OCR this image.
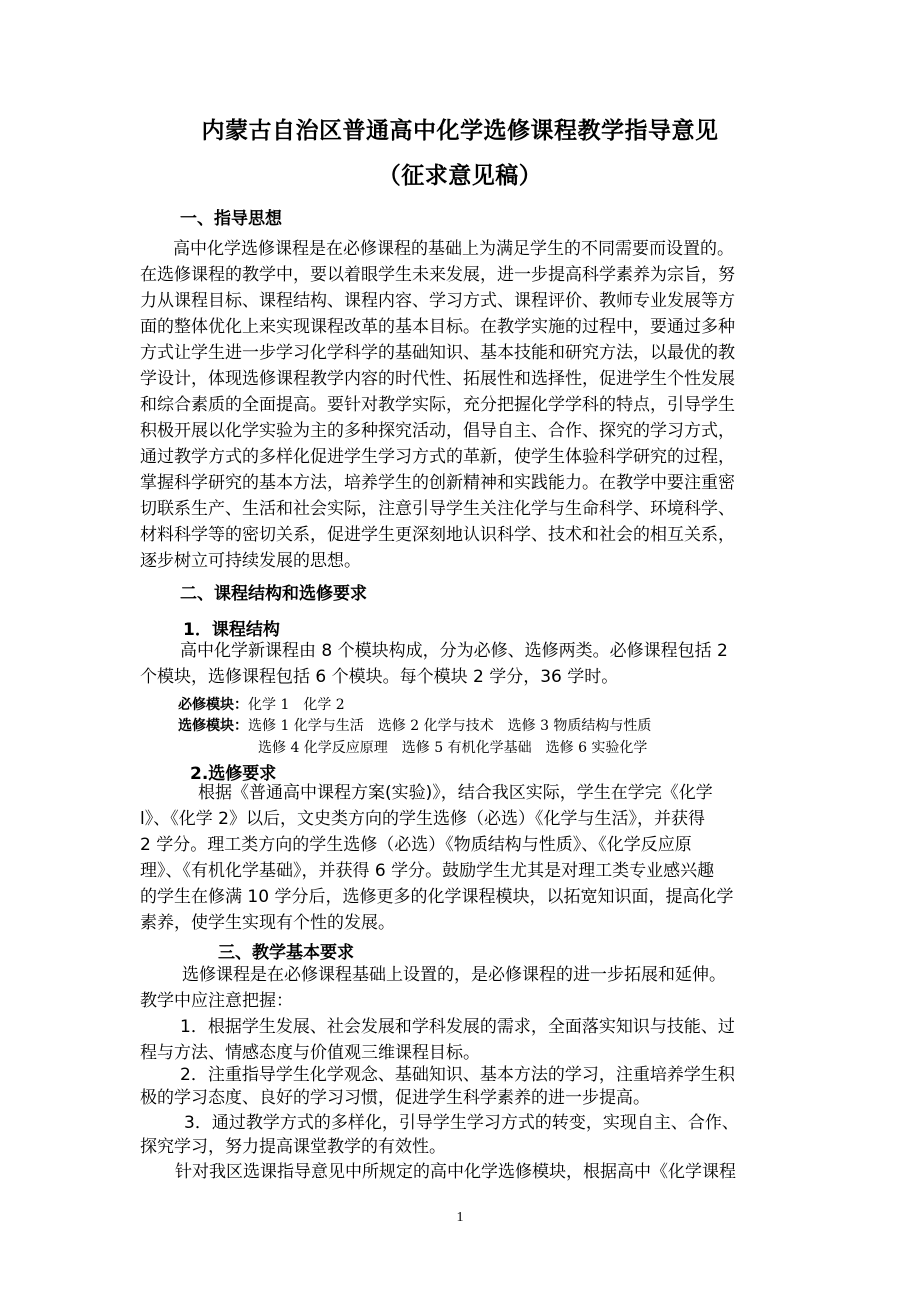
内蒙古自治区普通高中化学选修课程教学指导意见
（征求意见稿）
一、指导思想
高中化学选修课程是在必修课程的基础上为满足学生的不同需要而设置的。
在选修课程的教学中，要以着眼学生未来发展，进一步提高科学素养为宗旨，努
力从课程目标、课程结构、课程内容、学习方式、课程评价、教师专业发展等方
面的整体优化上来实现课程改革的基本目标。在教学实施的过程中，要通过多种
方式让学生进一步学习化学科学的基础知识、基本技能和研究方法，以最优的教
学设计，体现选修课程教学内容的时代性、拓展性和选择性，促进学生个性发展
和综合素质的全面提高。要针对教学实际，充分把握化学学科的特点，引导学生
积极开展以化学实验为主的多种探究活动，倡导自主、合作、探究的学习方式，
通过教学方式的多样化促进学生学习方式的革新，使学生体验科学研究的过程，
掌握科学研究的基本方法，培养学生的创新精神和实践能力。在教学中要注重密
切联系生产、生活和社会实际，注意引导学生关注化学与生命科学、环境科学、
材料科学等的密切关系，促进学生更深刻地认识科学、技术和社会的相互关系，
逐步树立可持续发展的思想。
二、课程结构和选修要求
1．课程结构
高中化学新课程由 8 个模块构成，分为必修、选修两类。必修课程包括 2
个模块，选修课程包括 6 个模块。每个模块 2 学分，36 学时。
必修模块：化学 1　化学 2
选修模块：选修 1 化学与生活　选修 2 化学与技术　选修 3 物质结构与性质
选修 4 化学反应原理　选修 5 有机化学基础　选修 6 实验化学
2.选修要求
根据《普通高中课程方案(实验)》，结合我区实际，学生在学完《化学
l》、《化学 2》以后，文史类方向的学生选修（必选）《化学与生活》，并获得
2 学分。理工类方向的学生选修（必选）《物质结构与性质》、《化学反应原
理》、《有机化学基础》，并获得 6 学分。鼓励学生尤其是对理工类专业感兴趣
的学生在修满 10 学分后，选修更多的化学课程模块，以拓宽知识面，提高化学
素养，使学生实现有个性的发展。
三、教学基本要求
选修课程是在必修课程基础上设置的，是必修课程的进一步拓展和延伸。
教学中应注意把握：
1．根据学生发展、社会发展和学科发展的需求，全面落实知识与技能、过
程与方法、情感态度与价值观三维课程目标。
2．注重指导学生化学观念、基础知识、基本方法的学习，注重培养学生积
极的学习态度、良好的学习习惯，促进学生科学素养的进一步提高。
3．通过教学方式的多样化，引导学生学习方式的转变，实现自主、合作、
探究学习，努力提高课堂教学的有效性。
针对我区选课指导意见中所规定的高中化学选修模块，根据高中《化学课程
1
